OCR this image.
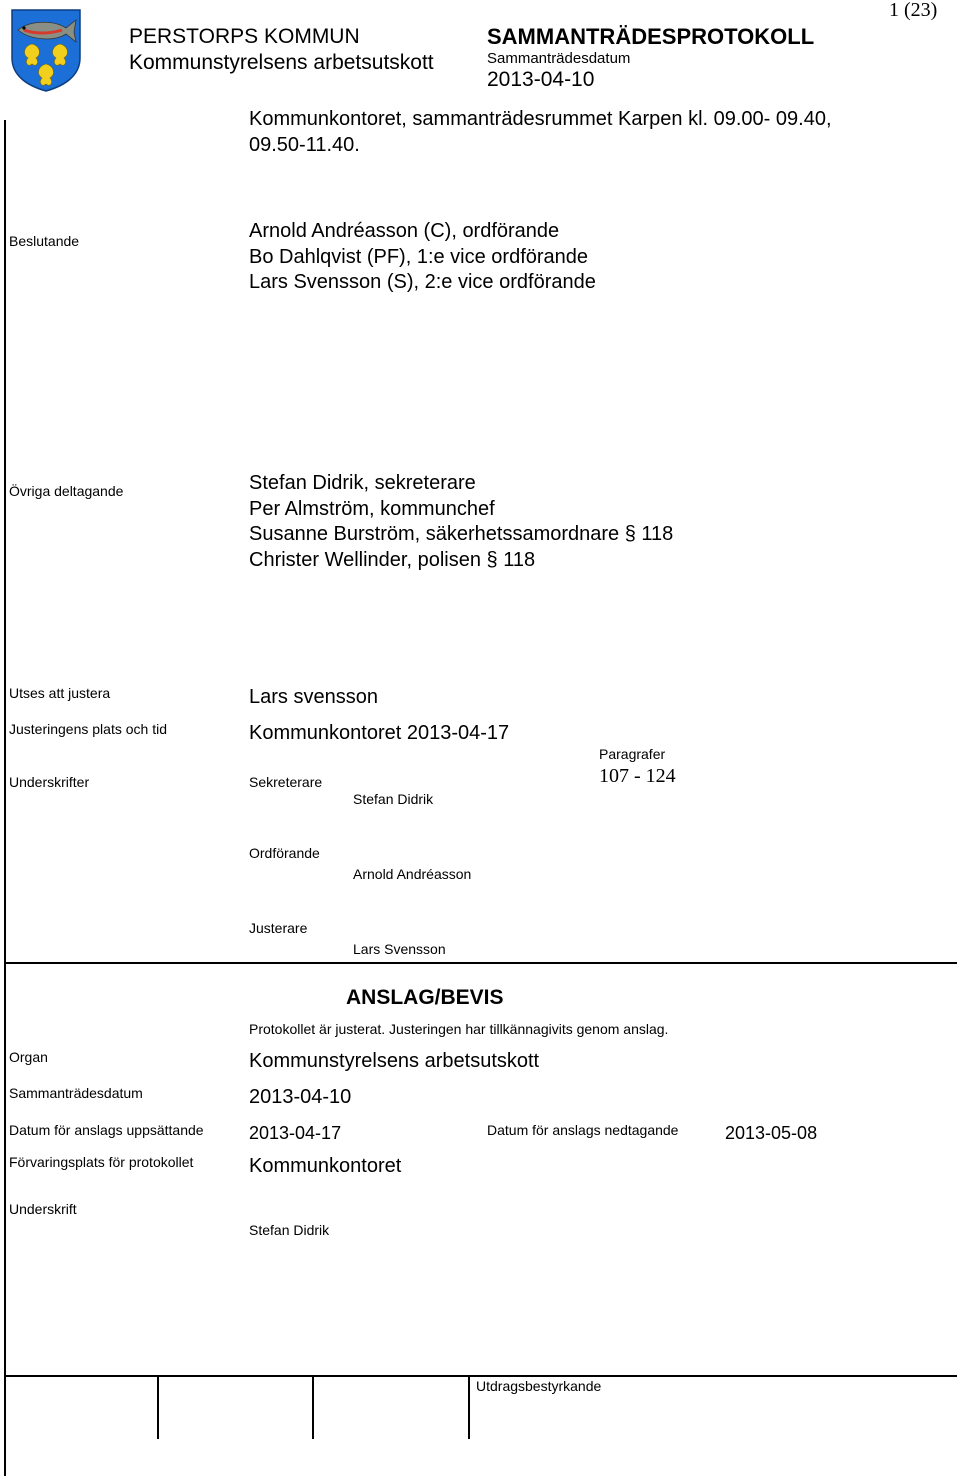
PERSTORPS KOMMUN
Kommunstyrelsens arbetsutskott
SAMMANTRÄDESPROTOKOLL
Sammanträdesdatum
2013-04-10
1 (23)
Kommunkontoret, sammanträdesrummet Karpen kl. 09.00- 09.40,
09.50-11.40.
Beslutande	Arnold Andréasson (C), ordförande
Bo Dahlqvist (PF), 1:e vice ordförande
Lars Svensson (S), 2:e vice ordförande
Övriga deltagande	Stefan Didrik, sekreterare
Per Almström, kommunchef
Susanne Burström, säkerhetssamordnare § 118
Christer Wellinder, polisen § 118
Utses att justera	Lars svensson
Justeringens plats och tid	Kommunkontoret 2013-04-17
Paragrafer
107 - 124
Underskrifter	Sekreterare
Stefan Didrik
Ordförande
Arnold Andréasson
Justerare
Lars Svensson
ANSLAG/BEVIS
Protokollet är justerat. Justeringen har tillkännagivits genom anslag.
Organ	Kommunstyrelsens arbetsutskott
Sammanträdesdatum	2013-04-10
Datum för anslags uppsättande	2013-04-17	Datum för anslags nedtagande	2013-05-08
Förvaringsplats för protokollet	Kommunkontoret
Underskrift
Stefan Didrik
Utdragsbestyrkande
